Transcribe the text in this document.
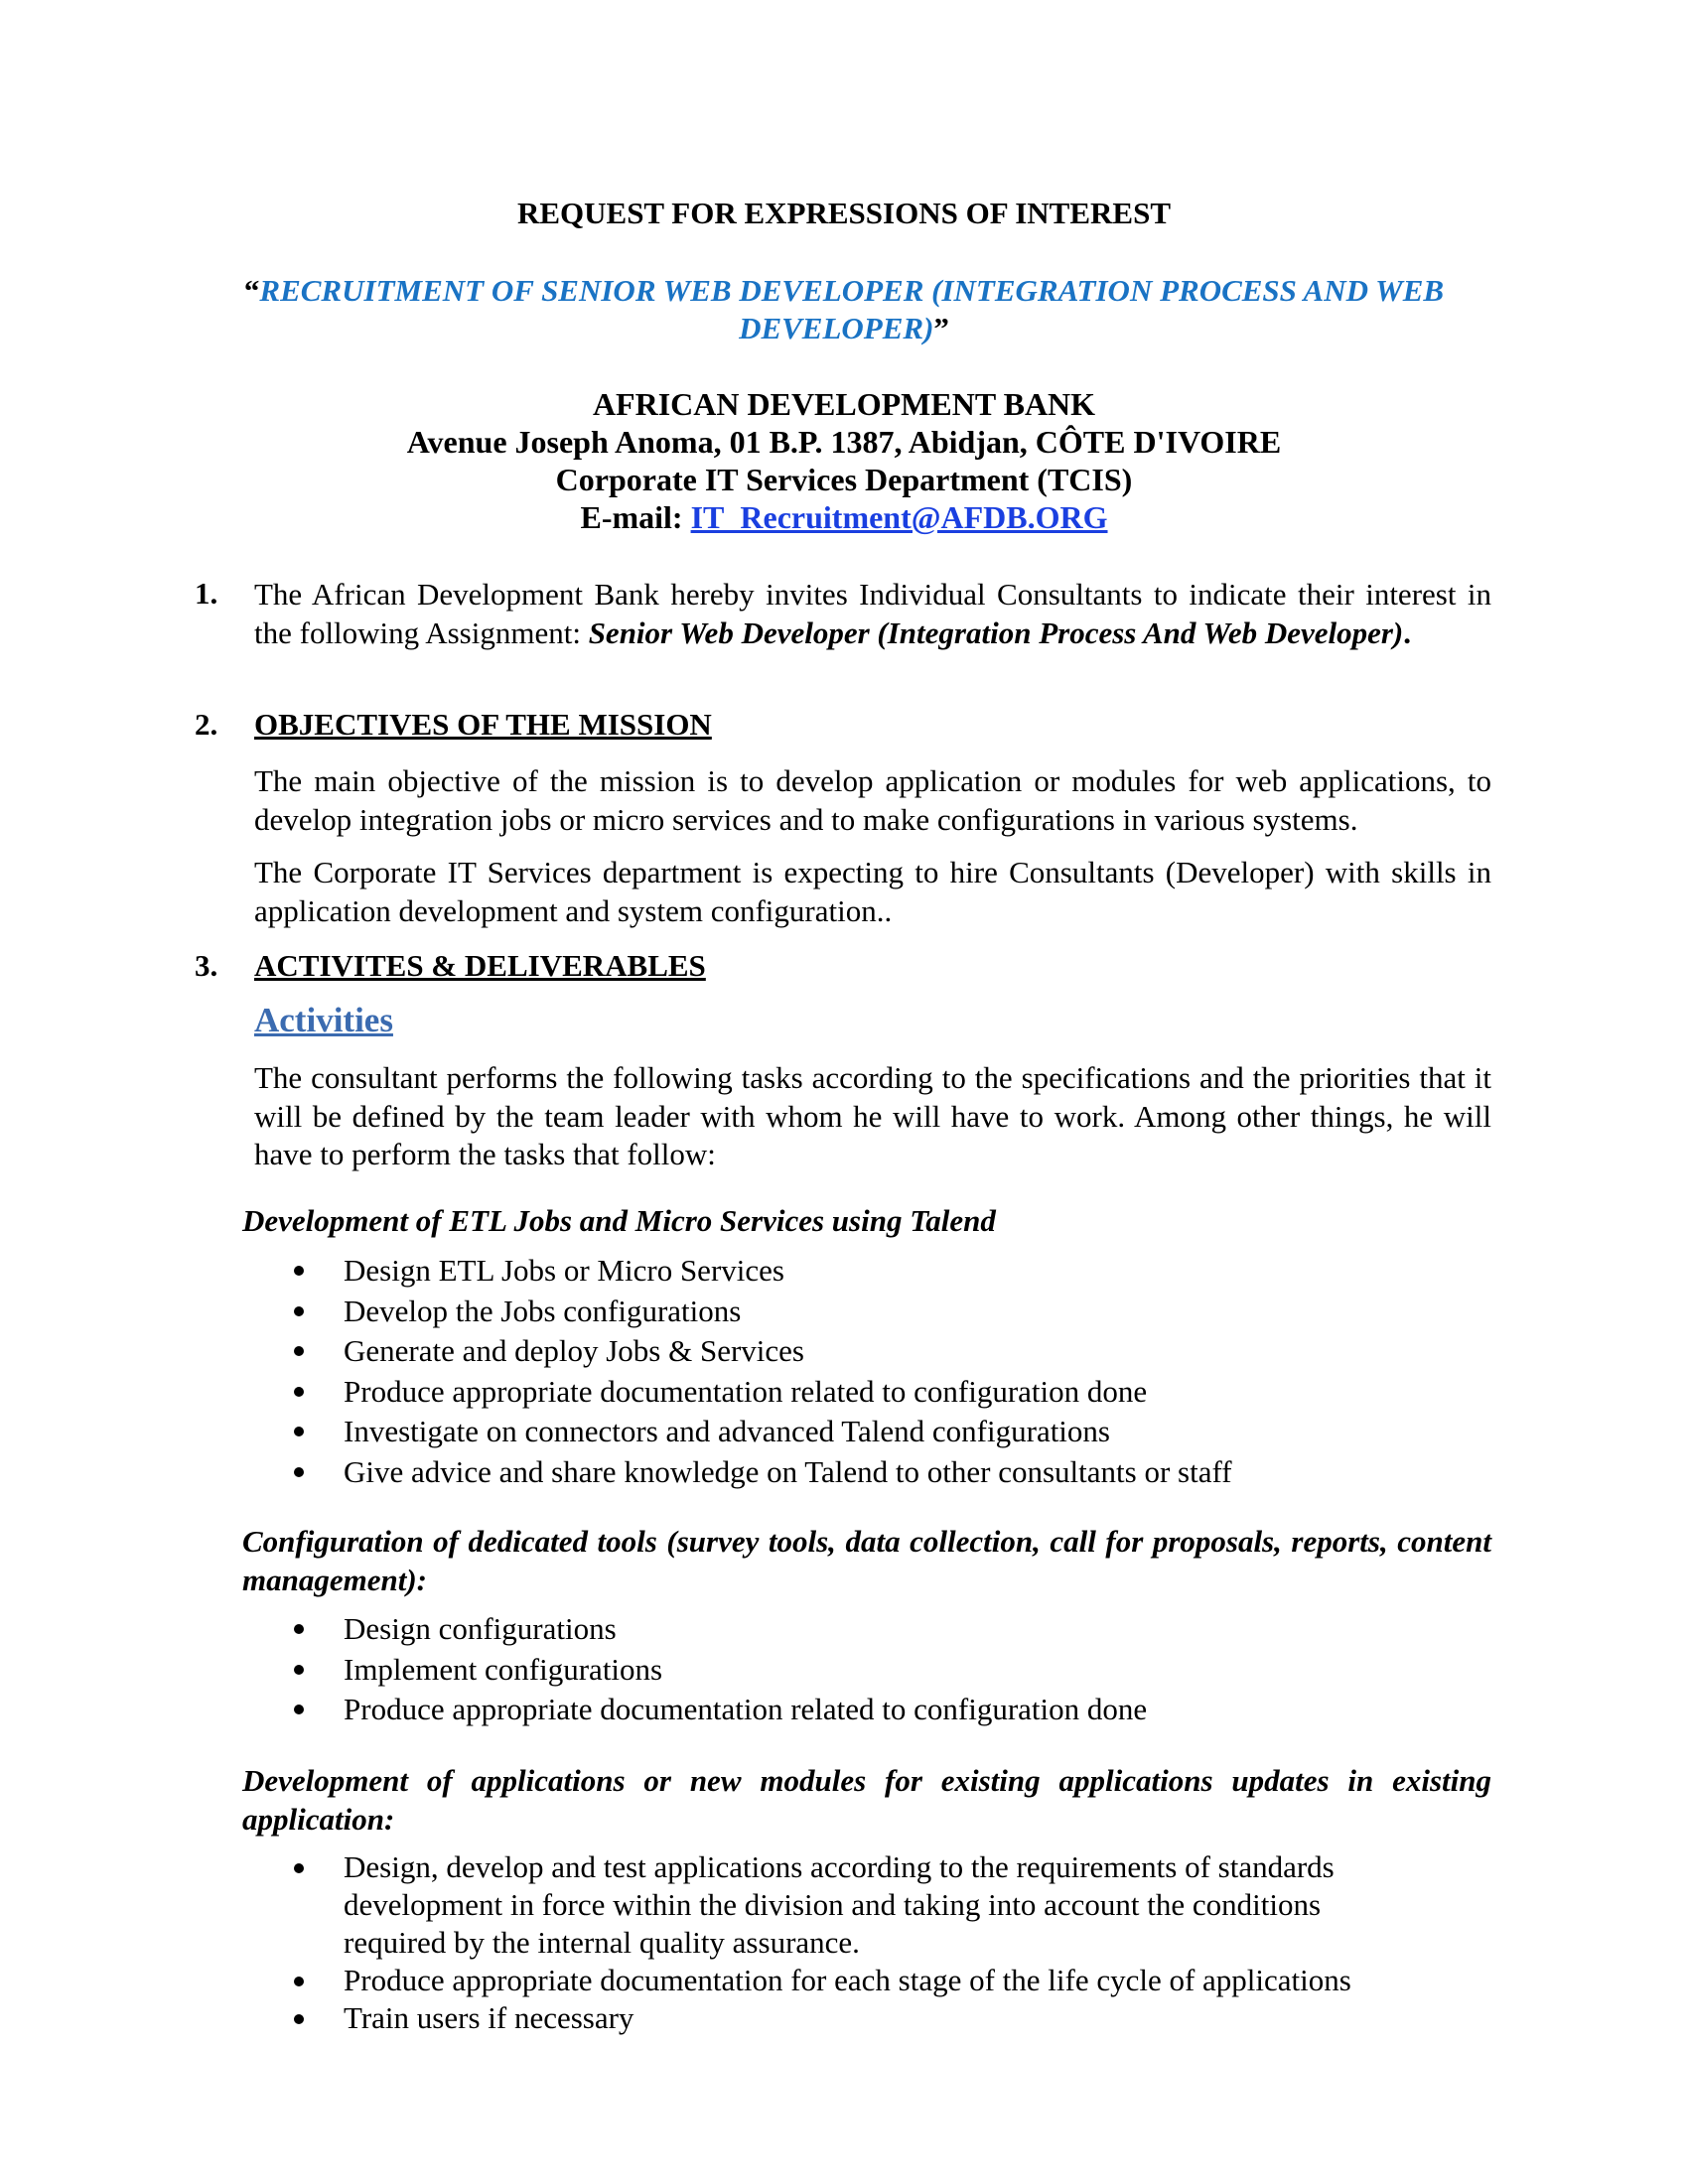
REQUEST FOR EXPRESSIONS OF INTEREST
“RECRUITMENT OF SENIOR WEB DEVELOPER (INTEGRATION PROCESS AND WEB DEVELOPER)”
AFRICAN DEVELOPMENT BANK
Avenue Joseph Anoma, 01 B.P. 1387, Abidjan, CÔTE D'IVOIRE
Corporate IT Services Department (TCIS)
E-mail: IT_Recruitment@AFDB.ORG
1. The African Development Bank hereby invites Individual Consultants to indicate their interest in the following Assignment: Senior Web Developer (Integration Process And Web Developer).
2. OBJECTIVES OF THE MISSION
The main objective of the mission is to develop application or modules for web applications, to develop integration jobs or micro services and to make configurations in various systems.
The Corporate IT Services department is expecting to hire Consultants (Developer) with skills in application development and system configuration..
3. ACTIVITES & DELIVERABLES
Activities
The consultant performs the following tasks according to the specifications and the priorities that it will be defined by the team leader with whom he will have to work. Among other things, he will have to perform the tasks that follow:
Development of ETL Jobs and Micro Services using Talend
Design ETL Jobs or Micro Services
Develop the Jobs configurations
Generate and deploy Jobs & Services
Produce appropriate documentation related to configuration done
Investigate on connectors and advanced Talend configurations
Give advice and share knowledge on Talend to other consultants or staff
Configuration of dedicated tools (survey tools, data collection, call for proposals, reports, content management):
Design configurations
Implement configurations
Produce appropriate documentation related to configuration done
Development of applications or new modules for existing applications updates in existing application:
Design, develop and test applications according to the requirements of standards development in force within the division and taking into account the conditions required by the internal quality assurance.
Produce appropriate documentation for each stage of the life cycle of applications
Train users if necessary
